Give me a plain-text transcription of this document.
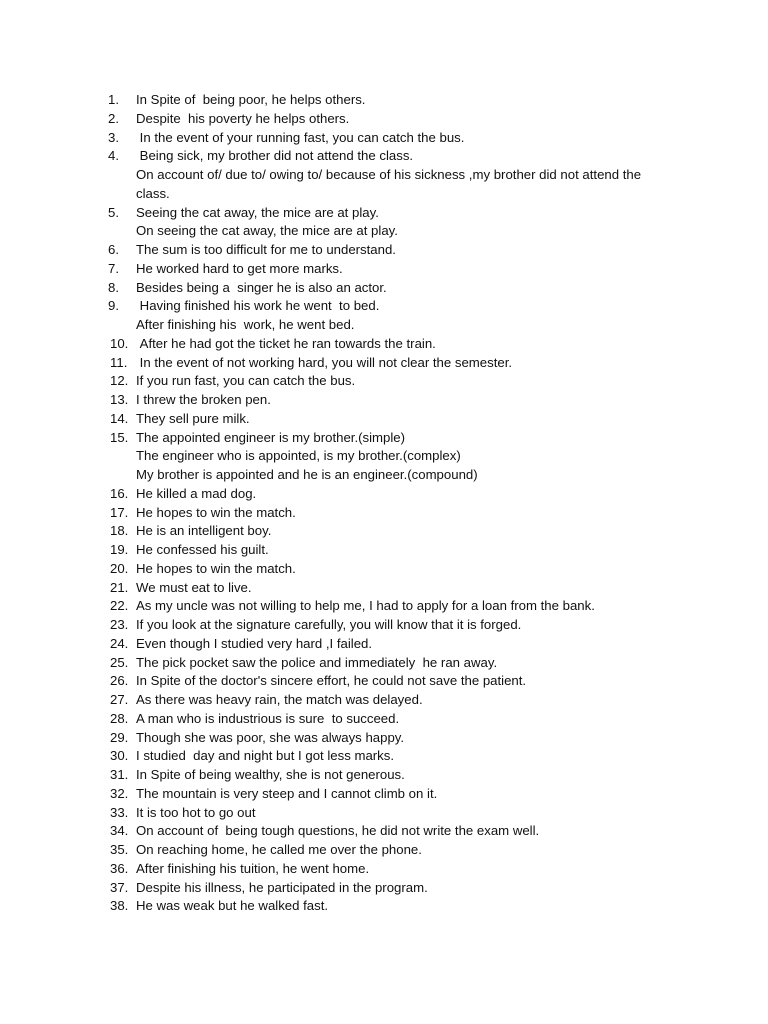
1. In Spite of  being poor, he helps others.
2. Despite  his poverty he helps others.
3. In the event of your running fast, you can catch the bus.
4. Being sick, my brother did not attend the class.
On account of/ due to/ owing to/ because of his sickness ,my brother did not attend the
class.
5. Seeing the cat away, the mice are at play.
On seeing the cat away, the mice are at play.
6. The sum is too difficult for me to understand.
7. He worked hard to get more marks.
8. Besides being a  singer he is also an actor.
9. Having finished his work he went  to bed.
After finishing his  work, he went bed.
10. After he had got the ticket he ran towards the train.
11. In the event of not working hard, you will not clear the semester.
12. If you run fast, you can catch the bus.
13. I threw the broken pen.
14. They sell pure milk.
15. The appointed engineer is my brother.(simple)
The engineer who is appointed, is my brother.(complex)
My brother is appointed and he is an engineer.(compound)
16. He killed a mad dog.
17. He hopes to win the match.
18. He is an intelligent boy.
19. He confessed his guilt.
20. He hopes to win the match.
21. We must eat to live.
22. As my uncle was not willing to help me, I had to apply for a loan from the bank.
23. If you look at the signature carefully, you will know that it is forged.
24. Even though I studied very hard ,I failed.
25. The pick pocket saw the police and immediately  he ran away.
26. In Spite of the doctor's sincere effort, he could not save the patient.
27. As there was heavy rain, the match was delayed.
28. A man who is industrious is sure  to succeed.
29. Though she was poor, she was always happy.
30. I studied  day and night but I got less marks.
31. In Spite of being wealthy, she is not generous.
32. The mountain is very steep and I cannot climb on it.
33. It is too hot to go out
34. On account of  being tough questions, he did not write the exam well.
35. On reaching home, he called me over the phone.
36. After finishing his tuition, he went home.
37. Despite his illness, he participated in the program.
38. He was weak but he walked fast.
